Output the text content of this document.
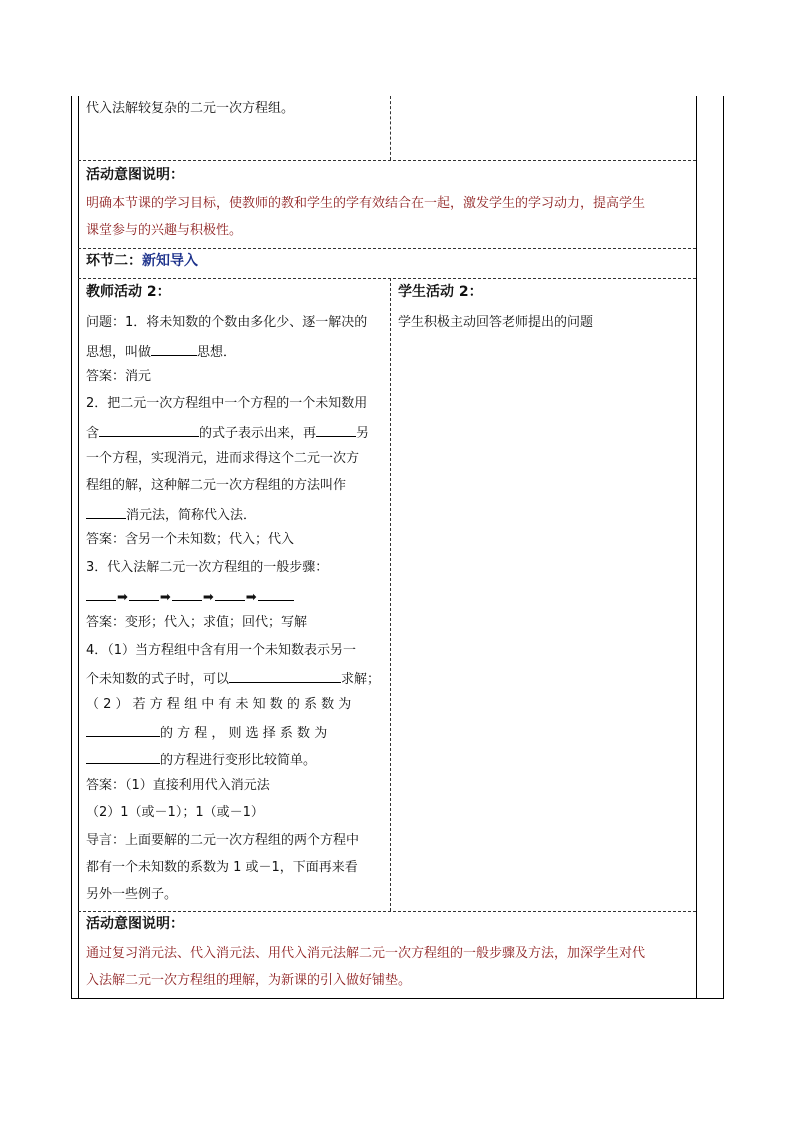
代入法解较复杂的二元一次方程组。
活动意图说明：
明确本节课的学习目标，使教师的教和学生的学有效结合在一起，激发学生的学习动力，提高学生
课堂参与的兴趣与积极性。
环节二：新知导入
教师活动 2：
问题：1．将未知数的个数由多化少、逐一解决的
思想，叫做	思想．
答案：消元
2．把二元一次方程组中一个方程的一个未知数用
含	的式子表示出来，再	另
一个方程，实现消元，进而求得这个二元一次方
程组的解，这种解二元一次方程组的方法叫作
消元法，简称代入法．
答案：含另一个未知数；代入；代入
3．代入法解二元一次方程组的一般步骤：
➡ ➡ ➡ ➡
答案：变形；代入；求值；回代；写解
4．（1）当方程组中含有用一个未知数表示另一
个未知数的式子时，可以	求解；
（ 2 ） 若 方 程 组 中 有 未 知 数 的 系 数 为
的 方 程 ， 则 选 择 系 数 为
的方程进行变形比较简单。
答案：（1）直接利用代入消元法
（2）1（或－1）；1（或－1）
导言：上面要解的二元一次方程组的两个方程中
都有一个未知数的系数为 1 或－1，下面再来看
另外一些例子。
学生活动 2：
学生积极主动回答老师提出的问题
活动意图说明：
通过复习消元法、代入消元法、用代入消元法解二元一次方程组的一般步骤及方法，加深学生对代
入法解二元一次方程组的理解，为新课的引入做好铺垫。
